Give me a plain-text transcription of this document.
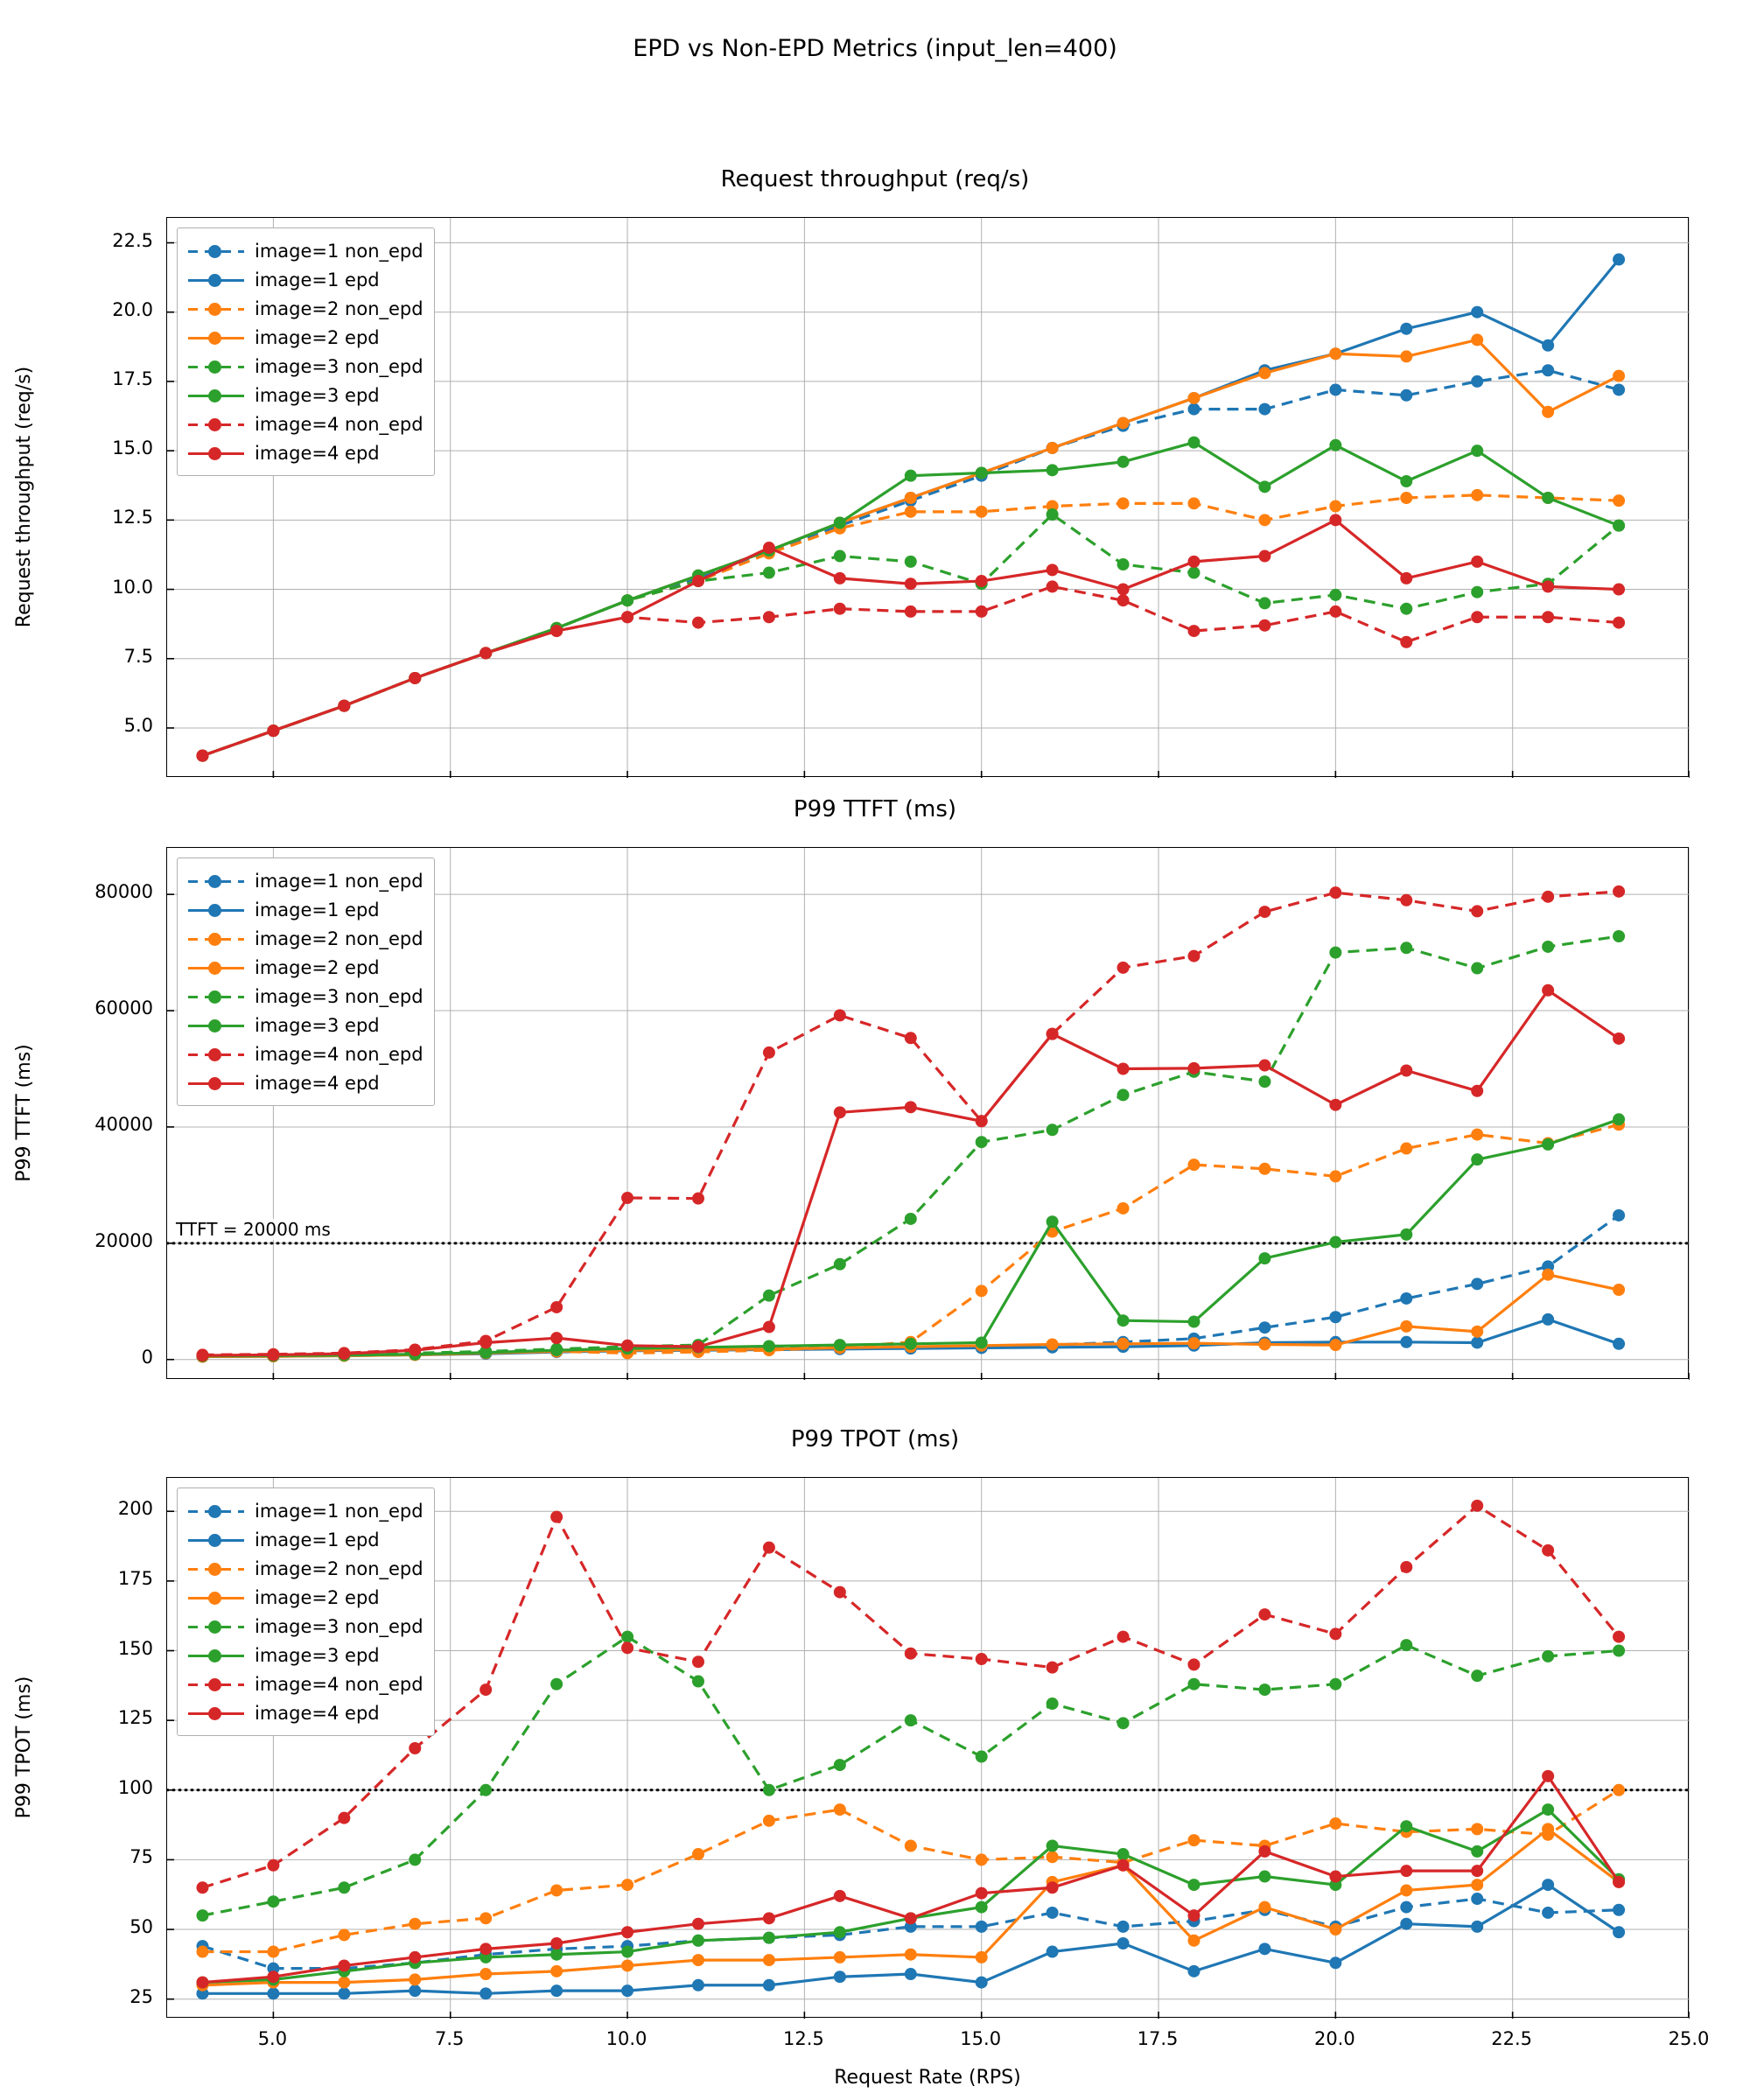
EPD vs Non-EPD Metrics (input_len=400)
Request throughput (req/s)
P99 TTFT (ms)
P99 TPOT (ms)
5.0
7.5
10.0
12.5
15.0
17.5
20.0
22.5
Request throughput (req/s)
image=1 non_epd
image=1 epd
image=2 non_epd
image=2 epd
image=3 non_epd
image=3 epd
image=4 non_epd
image=4 epd
TTFT = 20000 ms
0
20000
40000
60000
80000
P99 TTFT (ms)
image=1 non_epd
image=1 epd
image=2 non_epd
image=2 epd
image=3 non_epd
image=3 epd
image=4 non_epd
image=4 epd
25
50
75
100
125
150
175
200
5.0	7.5	10.0	12.5	15.0	17.5	20.0	22.5	25.0
P99 TPOT (ms)
Request Rate (RPS)
image=1 non_epd
image=1 epd
image=2 non_epd
image=2 epd
image=3 non_epd
image=3 epd
image=4 non_epd
image=4 epd
